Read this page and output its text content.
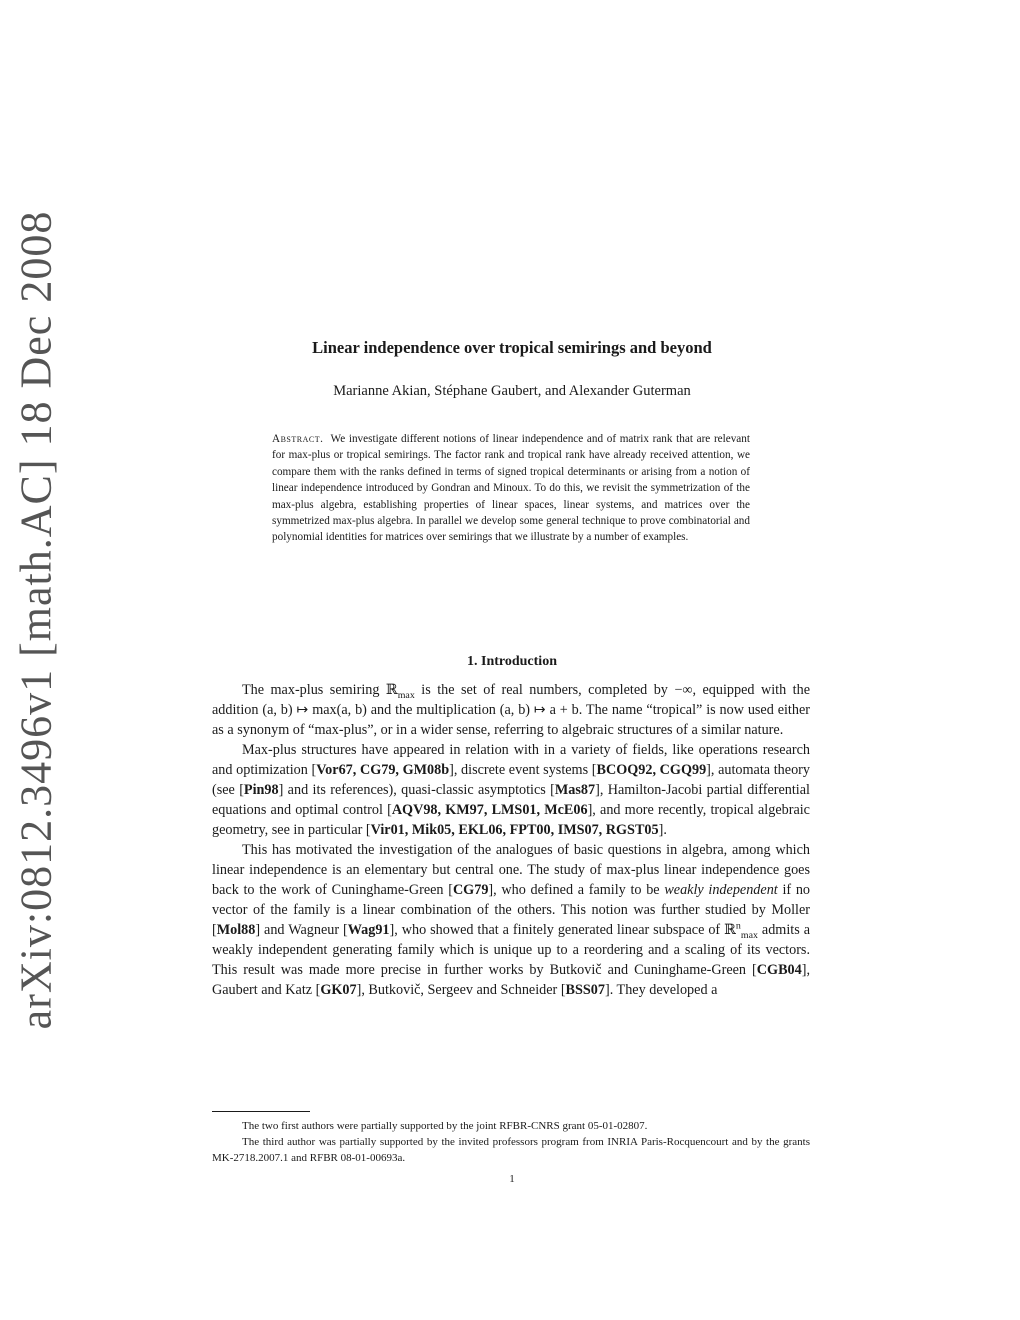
arXiv:0812.3496v1 [math.AC] 18 Dec 2008	Linear independence over tropical semirings and beyond
Marianne Akian, Stéphane Gaubert, and Alexander Guterman
Abstract. We investigate different notions of linear independence and of matrix rank that are relevant for max-plus or tropical semirings. The factor rank and tropical rank have already received attention, we compare them with the ranks defined in terms of signed tropical determinants or arising from a notion of linear independence introduced by Gondran and Minoux. To do this, we revisit the symmetrization of the max-plus algebra, establishing properties of linear spaces, linear systems, and matrices over the symmetrized max-plus algebra. In parallel we develop some general technique to prove combinatorial and polynomial identities for matrices over semirings that we illustrate by a number of examples.
1. Introduction

The max-plus semiring ℝ$_{max}$ is the set of real numbers, completed by −∞, equipped with the addition (a, b) ↦ max(a, b) and the multiplication (a, b) ↦ a + b. The name “tropical” is now used either as a synonym of “max-plus”, or in a wider sense, referring to algebraic structures of a similar nature.

Max-plus structures have appeared in relation with in a variety of fields, like operations research and optimization [Vor67, CG79, GM08b], discrete event systems [BCOQ92, CGQ99], automata theory (see [Pin98] and its references), quasi-classic asymptotics [Mas87], Hamilton-Jacobi partial differential equations and optimal control [AQV98, KM97, LMS01, McE06], and more recently, tropical algebraic geometry, see in particular [Vir01, Mik05, EKL06, FPT00, IMS07, RGST05].

This has motivated the investigation of the analogues of basic questions in algebra, among which linear independence is an elementary but central one. The study of max-plus linear independence goes back to the work of Cuninghame-Green [CG79], who defined a family to be weakly independent if no vector of the family is a linear combination of the others. This notion was further studied by Moller [Mol88] and Wagneur [Wag91], who showed that a finitely generated linear subspace of ℝ$^n_{max}$ admits a weakly independent generating family which is unique up to a reordering and a scaling of its vectors. This result was made more precise in further works by Butkovič and Cuninghame-Green [CGB04], Gaubert and Katz [GK07], Butkovič, Sergeev and Schneider [BSS07]. They developed a

The two first authors were partially supported by the joint RFBR-CNRS grant 05-01-02807.

The third author was partially supported by the invited professors program from INRIA Paris-Rocquencourt and by the grants MK-2718.2007.1 and RFBR 08-01-00693a.

1
